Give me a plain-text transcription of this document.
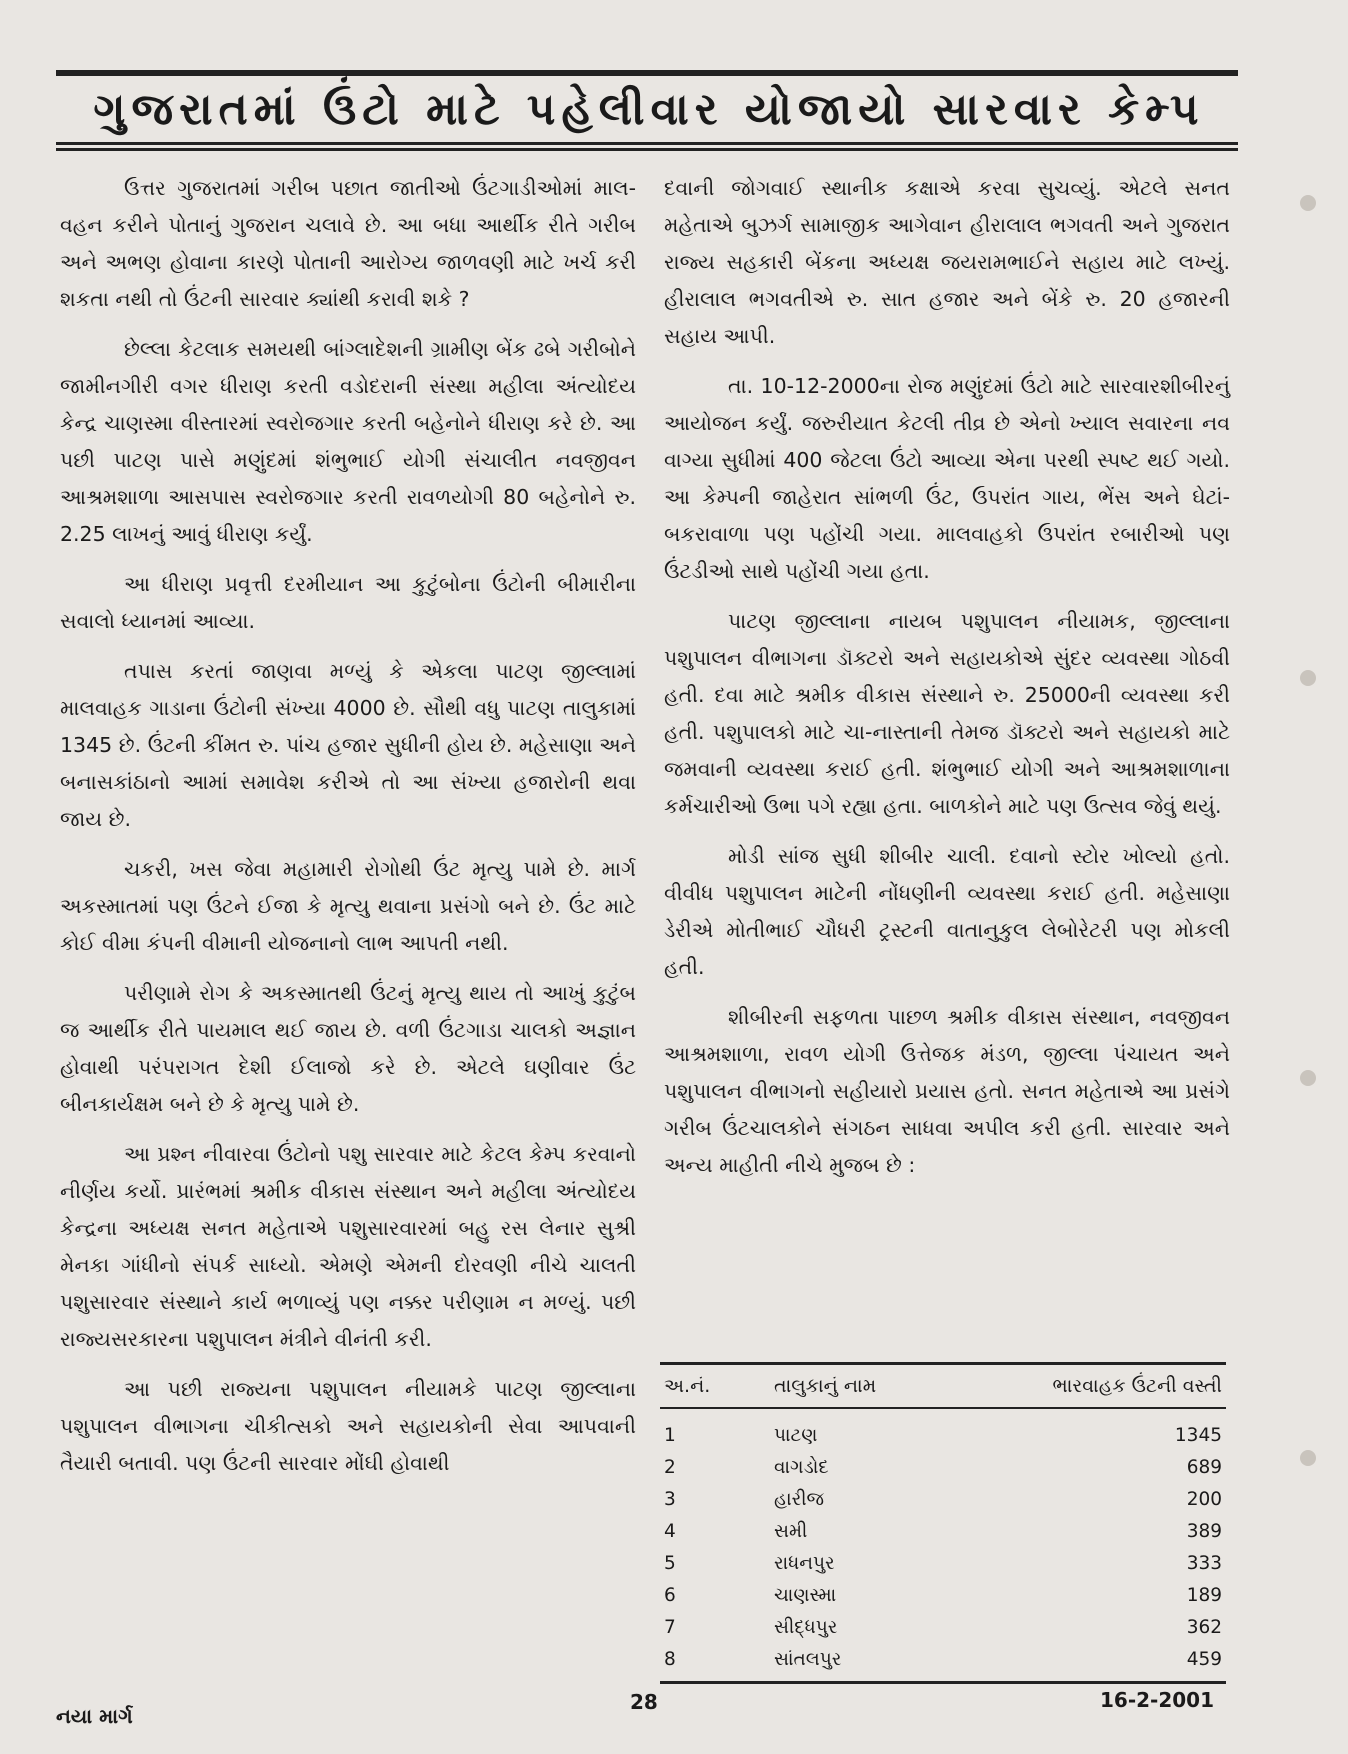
ગુજરાતમાં ઉંટો માટે પહેલીવાર યોજાયો સારવાર કેમ્પ

ઉત્તર ગુજરાતમાં ગરીબ પછાત જાતીઓ ઉંટગાડીઓમાં માલ-વહન કરીને પોતાનું ગુજરાન ચલાવે છે. આ બધા આર્થીક રીતે ગરીબ અને અભણ હોવાના કારણે પોતાની આરોગ્ય જાળવણી માટે ખર્ચ કરી શકતા નથી તો ઉંટની સારવાર ક્યાંથી કરાવી શકે ?

છેલ્લા કેટલાક સમયથી બાંગ્લાદેશની ગ્રામીણ બેંક ઢબે ગરીબોને જામીનગીરી વગર ધીરાણ કરતી વડોદરાની સંસ્થા મહીલા અંત્યોદય કેન્દ્ર ચાણસ્મા વીસ્તારમાં સ્વરોજગાર કરતી બહેનોને ધીરાણ કરે છે. આ પછી પાટણ પાસે મણુંદમાં શંભુભાઈ યોગી સંચાલીત નવજીવન આશ્રમશાળા આસપાસ સ્વરોજગાર કરતી રાવળયોગી 80 બહેનોને રુ. 2.25 લાખનું આવું ધીરાણ કર્યું.

આ ધીરાણ પ્રવૃત્તી દરમીયાન આ કુટુંબોના ઉંટોની બીમારીના સવાલો ધ્યાનમાં આવ્યા.

તપાસ કરતાં જાણવા મળ્યું કે એકલા પાટણ જીલ્લામાં માલવાહક ગાડાના ઉંટોની સંખ્યા 4000 છે. સૌથી વધુ પાટણ તાલુકામાં 1345 છે. ઉંટની કીંમત રુ. પાંચ હજાર સુધીની હોય છે. મહેસાણા અને બનાસકાંઠાનો આમાં સમાવેશ કરીએ તો આ સંખ્યા હજારોની થવા જાય છે.

ચકરી, ખસ જેવા મહામારી રોગોથી ઉંટ મૃત્યુ પામે છે. માર્ગ અકસ્માતમાં પણ ઉંટને ઈજા કે મૃત્યુ થવાના પ્રસંગો બને છે. ઉંટ માટે કોઈ વીમા કંપની વીમાની યોજનાનો લાભ આપતી નથી.

પરીણામે રોગ કે અકસ્માતથી ઉંટનું મૃત્યુ થાય તો આખું કુટુંબ જ આર્થીક રીતે પાયમાલ થઈ જાય છે. વળી ઉંટગાડા ચાલકો અજ્ઞાન હોવાથી પરંપરાગત દેશી ઈલાજો કરે છે. એટલે ઘણીવાર ઉંટ બીનકાર્યક્ષમ બને છે કે મૃત્યુ પામે છે.

આ પ્રશ્ન નીવારવા ઉંટોનો પશુ સારવાર માટે કેટલ કેમ્પ કરવાનો નીર્ણય કર્યો. પ્રારંભમાં શ્રમીક વીકાસ સંસ્થાન અને મહીલા અંત્યોદય કેન્દ્રના અધ્યક્ષ સનત મહેતાએ પશુસારવારમાં બહુ રસ લેનાર સુશ્રી મેનકા ગાંધીનો સંપર્ક સાધ્યો. એમણે એમની દોરવણી નીચે ચાલતી પશુસારવાર સંસ્થાને કાર્ય ભળાવ્યું પણ નક્કર પરીણામ ન મળ્યું. પછી રાજ્યસરકારના પશુપાલન મંત્રીને વીનંતી કરી.

આ પછી રાજ્યના પશુપાલન નીયામકે પાટણ જીલ્લાના પશુપાલન વીભાગના ચીકીત્સકો અને સહાયકોની સેવા આપવાની તૈયારી બતાવી. પણ ઉંટની સારવાર મોંઘી હોવાથી

દવાની જોગવાઈ સ્થાનીક કક્ષાએ કરવા સુચવ્યું. એટલે સનત મહેતાએ બુઝર્ગ સામાજીક આગેવાન હીરાલાલ ભગવતી અને ગુજરાત રાજ્ય સહકારી બેંકના અધ્યક્ષ જયરામભાઈને સહાય માટે લખ્યું. હીરાલાલ ભગવતીએ રુ. સાત હજાર અને બેંકે રુ. 20 હજારની સહાય આપી.

તા. 10-12-2000ના રોજ મણુંદમાં ઉંટો માટે સારવારશીબીરનું આયોજન કર્યું. જરુરીયાત કેટલી તીવ્ર છે એનો ખ્યાલ સવારના નવ વાગ્યા સુધીમાં 400 જેટલા ઉંટો આવ્યા એના પરથી સ્પષ્ટ થઈ ગયો. આ કેમ્પની જાહેરાત સાંભળી ઉંટ, ઉપરાંત ગાય, ભેંસ અને ઘેટાં-બકરાવાળા પણ પહોંચી ગયા. માલવાહકો ઉપરાંત રબારીઓ પણ ઉંટડીઓ સાથે પહોંચી ગયા હતા.

પાટણ જીલ્લાના નાયબ પશુપાલન નીયામક, જીલ્લાના પશુપાલન વીભાગના ડૉક્ટરો અને સહાયકોએ સુંદર વ્યવસ્થા ગોઠવી હતી. દવા માટે શ્રમીક વીકાસ સંસ્થાને રુ. 25000ની વ્યવસ્થા કરી હતી. પશુપાલકો માટે ચા-નાસ્તાની તેમજ ડૉક્ટરો અને સહાયકો માટે જમવાની વ્યવસ્થા કરાઈ હતી. શંભુભાઈ યોગી અને આશ્રમશાળાના કર્મચારીઓ ઉભા પગે રહ્યા હતા. બાળકોને માટે પણ ઉત્સવ જેવું થયું.

મોડી સાંજ સુધી શીબીર ચાલી. દવાનો સ્ટોર ખોલ્યો હતો. વીવીધ પશુપાલન માટેની નોંધણીની વ્યવસ્થા કરાઈ હતી. મહેસાણા ડેરીએ મોતીભાઈ ચૌધરી ટ્રસ્ટની વાતાનુકુલ લેબોરેટરી પણ મોકલી હતી.

શીબીરની સફળતા પાછળ શ્રમીક વીકાસ સંસ્થાન, નવજીવન આશ્રમશાળા, રાવળ યોગી ઉત્તેજક મંડળ, જીલ્લા પંચાયત અને પશુપાલન વીભાગનો સહીયારો પ્રયાસ હતો. સનત મહેતાએ આ પ્રસંગે ગરીબ ઉંટચાલકોને સંગઠન સાધવા અપીલ કરી હતી. સારવાર અને અન્ય માહીતી નીચે મુજબ છે :

અ.નં.	તાલુકાનું નામ	ભારવાહક ઉંટની વસ્તી
1	પાટણ	1345
2	વાગડોદ	689
3	હારીજ	200
4	સમી	389
5	રાધનપુર	333
6	ચાણસ્મા	189
7	સીદ્ધપુર	362
8	સાંતલપુર	459
નયા માર્ગ
28	16-2-2001
